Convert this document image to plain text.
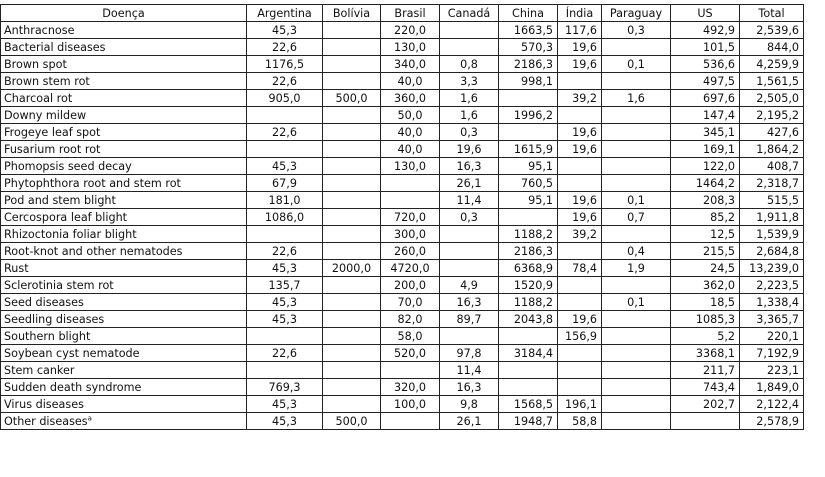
Doença	Argentina	Bolívia	Brasil	Canadá	China	Índia	Paraguay	US	Total
Anthracnose	45,3		220,0		1663,5	117,6	0,3	492,9	2,539,6
Bacterial diseases	22,6		130,0		570,3	19,6		101,5	844,0
Brown spot	1176,5		340,0	0,8	2186,3	19,6	0,1	536,6	4,259,9
Brown stem rot	22,6		40,0	3,3	998,1			497,5	1,561,5
Charcoal rot	905,0	500,0	360,0	1,6		39,2	1,6	697,6	2,505,0
Downy mildew			50,0	1,6	1996,2			147,4	2,195,2
Frogeye leaf spot	22,6		40,0	0,3		19,6		345,1	427,6
Fusarium root rot			40,0	19,6	1615,9	19,6		169,1	1,864,2
Phomopsis seed decay	45,3		130,0	16,3	95,1			122,0	408,7
Phytophthora root and stem rot	67,9			26,1	760,5			1464,2	2,318,7
Pod and stem blight	181,0			11,4	95,1	19,6	0,1	208,3	515,5
Cercospora leaf blight	1086,0		720,0	0,3		19,6	0,7	85,2	1,911,8
Rhizoctonia foliar blight			300,0		1188,2	39,2		12,5	1,539,9
Root-knot and other nematodes	22,6		260,0		2186,3		0,4	215,5	2,684,8
Rust	45,3	2000,0	4720,0		6368,9	78,4	1,9	24,5	13,239,0
Sclerotinia stem rot	135,7		200,0	4,9	1520,9			362,0	2,223,5
Seed diseases	45,3		70,0	16,3	1188,2		0,1	18,5	1,338,4
Seedling diseases	45,3		82,0	89,7	2043,8	19,6		1085,3	3,365,7
Southern blight			58,0			156,9		5,2	220,1
Soybean cyst nematode	22,6		520,0	97,8	3184,4			3368,1	7,192,9
Stem canker				11,4				211,7	223,1
Sudden death syndrome	769,3		320,0	16,3				743,4	1,849,0
Virus diseases	45,3		100,0	9,8	1568,5	196,1		202,7	2,122,4
Other diseases$^a$	45,3	500,0		26,1	1948,7	58,8			2,578,9
